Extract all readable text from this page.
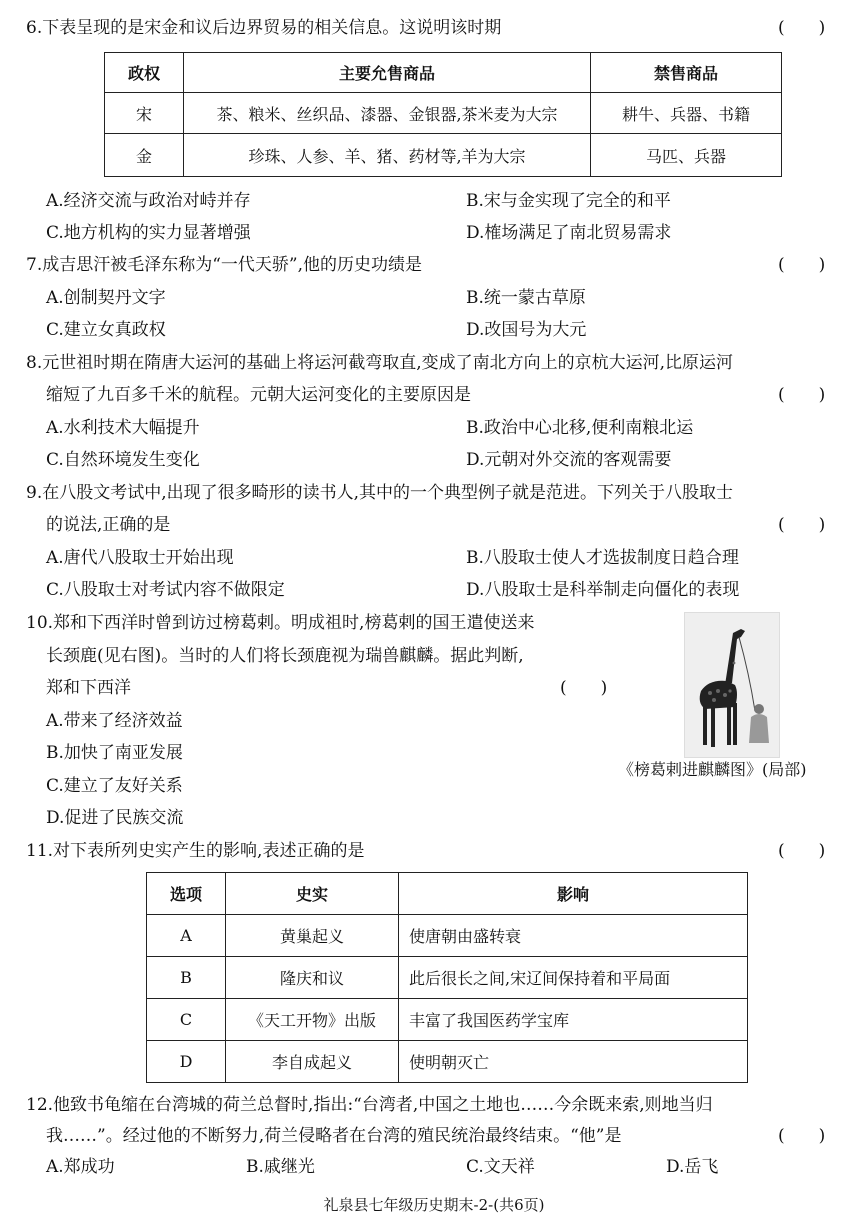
6.下表呈现的是宋金和议后边界贸易的相关信息。这说明该时期	(　　)
政权	主要允售商品	禁售商品
宋	茶、粮米、丝织品、漆器、金银器,茶米麦为大宗	耕牛、兵器、书籍
金	珍珠、人参、羊、猪、药材等,羊为大宗	马匹、兵器
A.经济交流与政治对峙并存	B.宋与金实现了完全的和平
C.地方机构的实力显著增强	D.榷场满足了南北贸易需求
7.成吉思汗被毛泽东称为“一代天骄”,他的历史功绩是	(　　)
A.创制契丹文字	B.统一蒙古草原
C.建立女真政权	D.改国号为大元
8.元世祖时期在隋唐大运河的基础上将运河截弯取直,变成了南北方向上的京杭大运河,比原运河
缩短了九百多千米的航程。元朝大运河变化的主要原因是	(　　)
A.水利技术大幅提升	B.政治中心北移,便利南粮北运
C.自然环境发生变化	D.元朝对外交流的客观需要
9.在八股文考试中,出现了很多畸形的读书人,其中的一个典型例子就是范进。下列关于八股取士
的说法,正确的是	(　　)
A.唐代八股取士开始出现	B.八股取士使人才选拔制度日趋合理
C.八股取士对考试内容不做限定	D.八股取士是科举制走向僵化的表现
10.郑和下西洋时曾到访过榜葛剌。明成祖时,榜葛剌的国王遣使送来
长颈鹿(见右图)。当时的人们将长颈鹿视为瑞兽麒麟。据此判断,
郑和下西洋	(　　)
A.带来了经济效益
B.加快了南亚发展
C.建立了友好关系
D.促进了民族交流
《榜葛剌进麒麟图》(局部)
11.对下表所列史实产生的影响,表述正确的是	(　　)
选项	史实	影响
A	黄巢起义	使唐朝由盛转衰
B	隆庆和议	此后很长之间,宋辽间保持着和平局面
C	《天工开物》出版	丰富了我国医药学宝库
D	李自成起义	使明朝灭亡
12.他致书龟缩在台湾城的荷兰总督时,指出:“台湾者,中国之土地也……今余既来索,则地当归
我……”。经过他的不断努力,荷兰侵略者在台湾的殖民统治最终结束。“他”是	(　　)
A.郑成功	B.戚继光	C.文天祥	D.岳飞
礼泉县七年级历史期末-2-(共6页)
